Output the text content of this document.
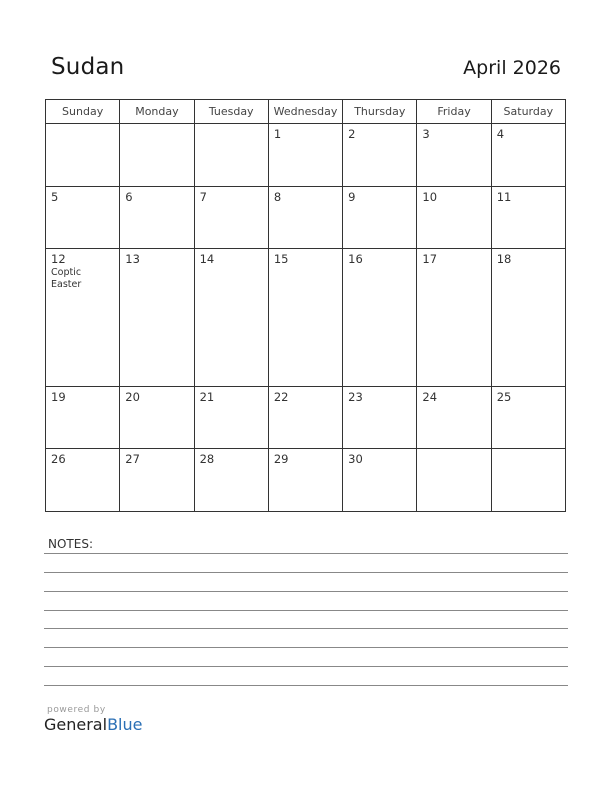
Sudan	April 2026
Sunday	Monday	Tuesday	Wednesday	Thursday	Friday	Saturday

			1	2	3	4

5	6	7	8	9	10	11

12
Coptic Easter	13	14	15	16	17	18

19	20	21	22	23	24	25

26	27	28	29	30		

NOTES:
powered by
GeneralBlue
